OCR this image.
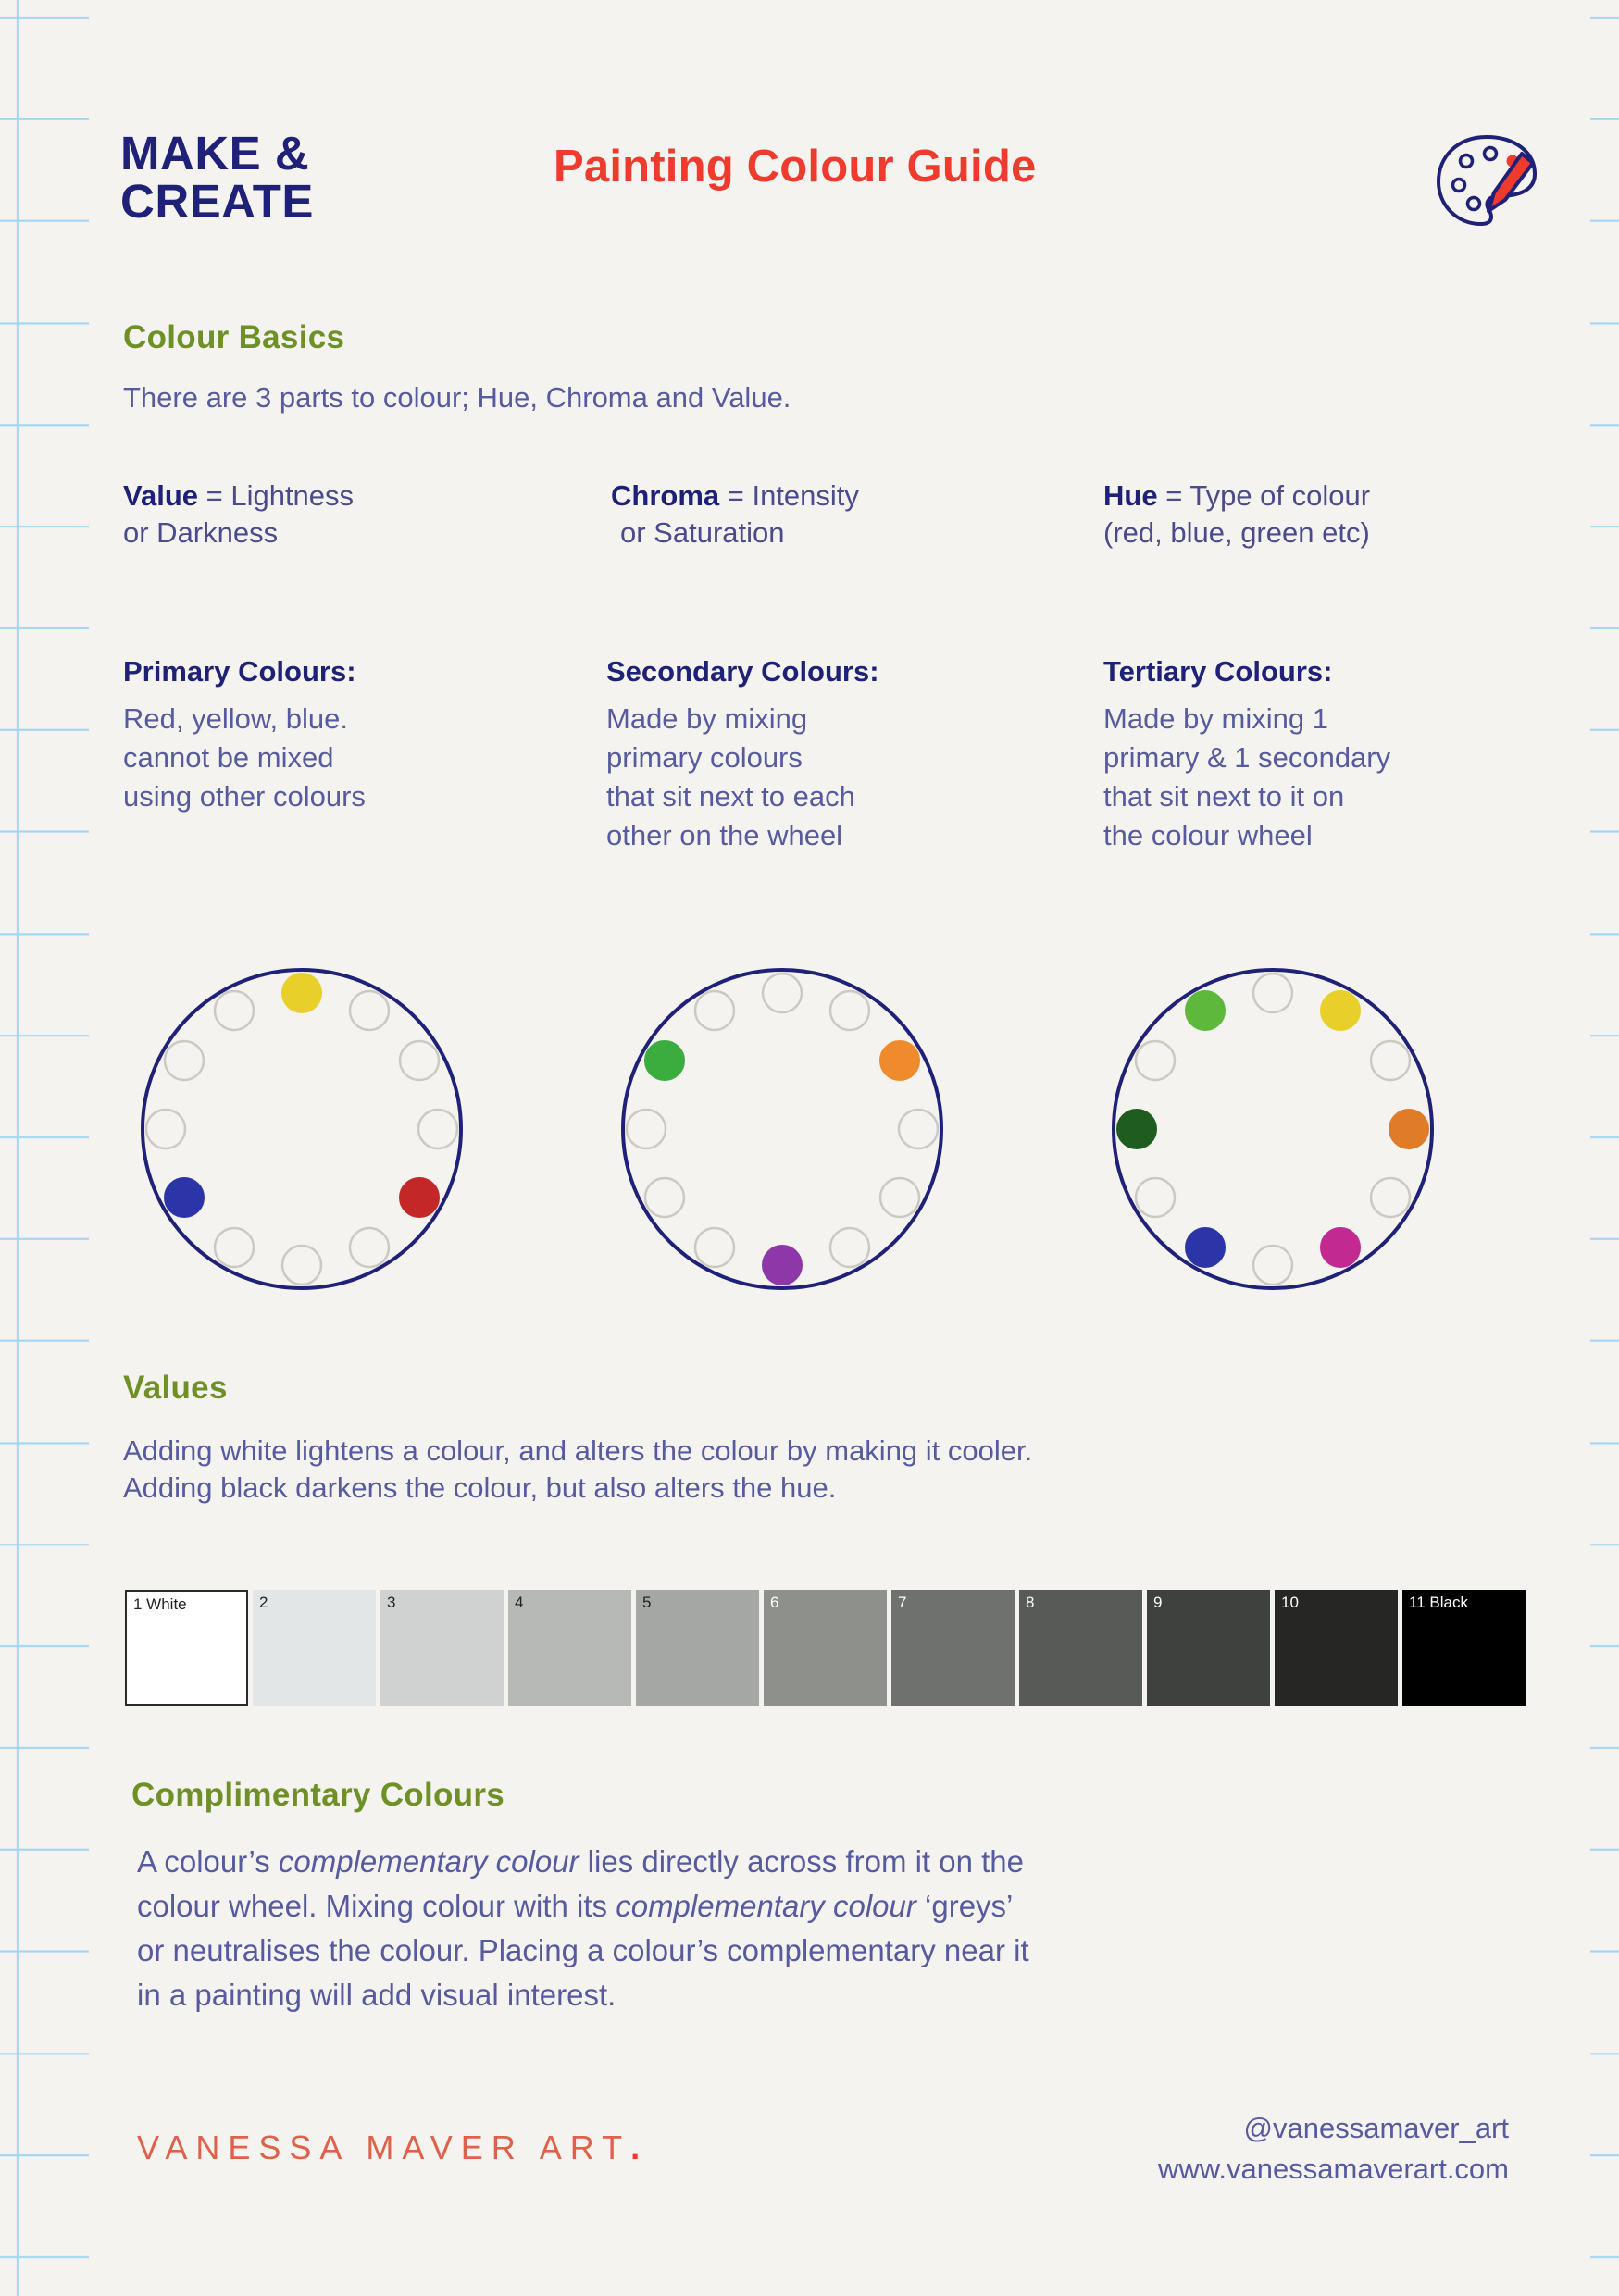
MAKE &
CREATE
Painting Colour Guide
Colour Basics
There are 3 parts to colour; Hue, Chroma and Value.
Value = Lightness
or Darkness
Chroma = Intensity
or Saturation
Hue = Type of colour
(red, blue, green etc)
Primary Colours:
Red, yellow, blue.
cannot be mixed
using other colours
Secondary Colours:
Made by mixing
primary colours
that sit next to each
other on the wheel
Tertiary Colours:
Made by mixing 1
primary & 1 secondary
that sit next to it on
the colour wheel
Values
Adding white lightens a colour, and alters the colour by making it cooler.
Adding black darkens the colour, but also alters the hue.
1 White	2	3	4	5	6	7	8	9	10	11 Black
Complimentary Colours
A colour’s complementary colour lies directly across from it on the
colour wheel. Mixing colour with its complementary colour ‘greys’
or neutralises the colour. Placing a colour’s complementary near it
in a painting will add visual interest.
VANESSA MAVER ART.
@vanessamaver_art
www.vanessamaverart.com
